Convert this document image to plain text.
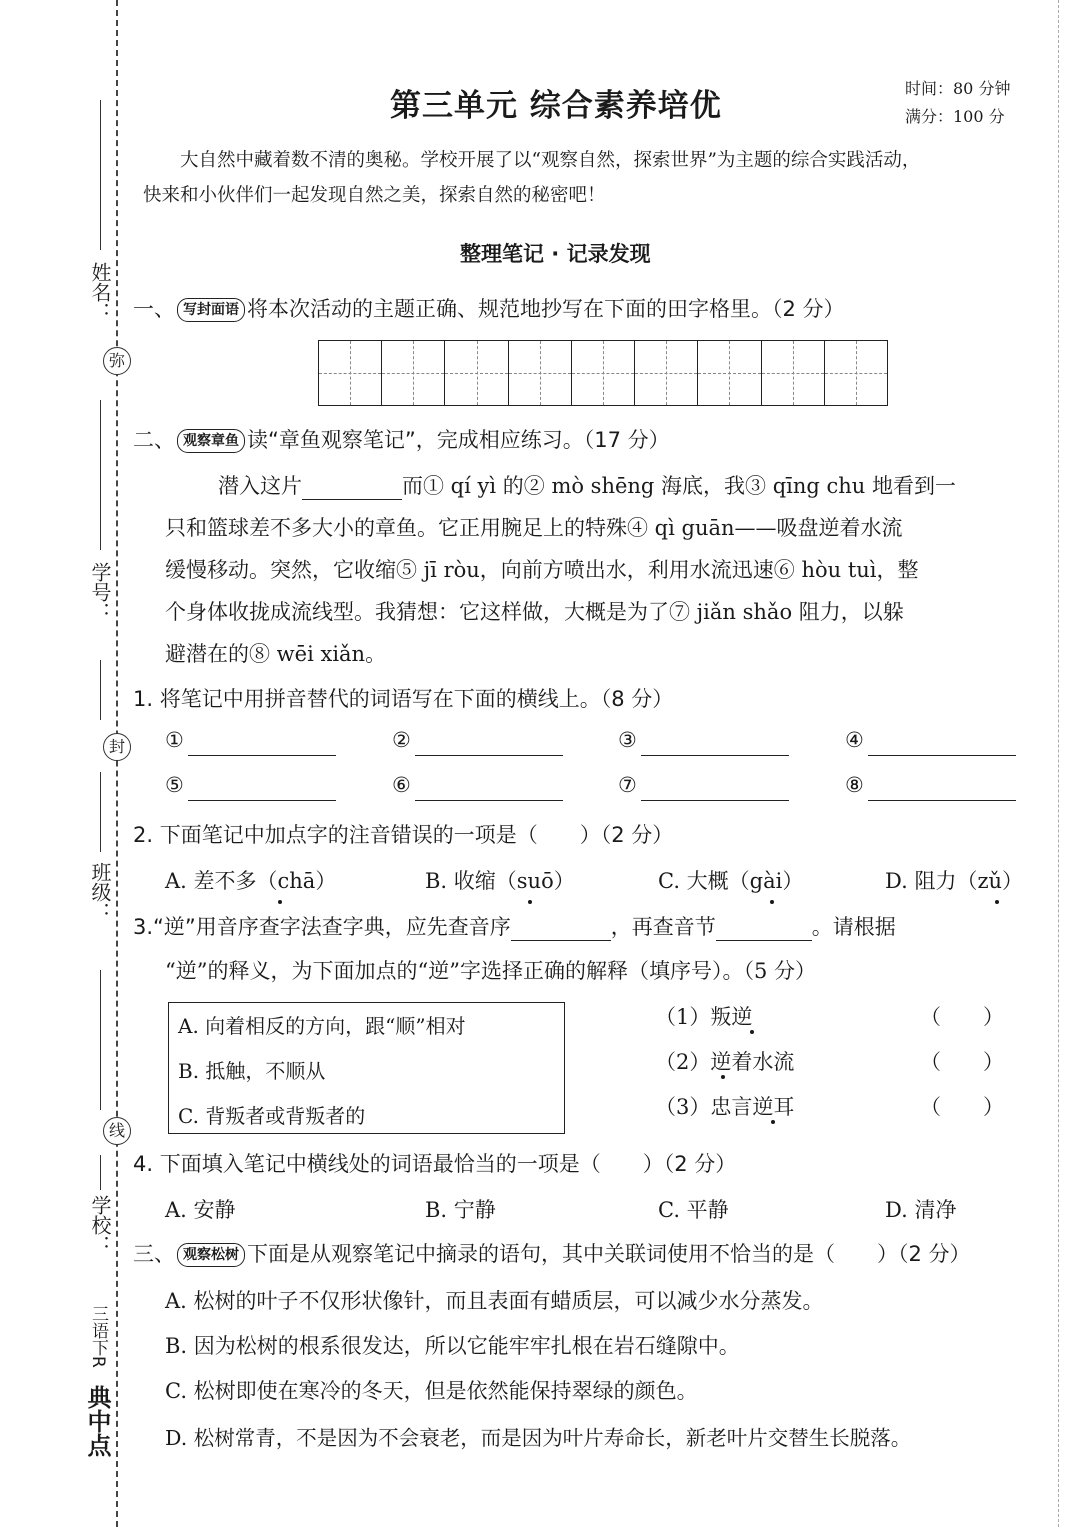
姓名：
弥
学号：
封
班级：
线
学校：
三语下R
典中点
第三单元 综合素养培优	时间：80 分钟
满分：100 分
大自然中藏着数不清的奥秘。学校开展了以“观察自然，探索世界”为主题的综合实践活动，
快来和小伙伴们一起发现自然之美，探索自然的秘密吧！
整理笔记 · 记录发现
一、 写封面语 将本次活动的主题正确、规范地抄写在下面的田字格里。（2 分）
二、 观察章鱼 读“章鱼观察笔记”，完成相应练习。（17 分）
潜入这片	而① qí yì 的② mò shēng 海底，我③ qīng chu 地看到一
只和篮球差不多大小的章鱼。它正用腕足上的特殊④ qì guān——吸盘逆着水流
缓慢移动。突然，它收缩⑤ jī ròu，向前方喷出水，利用水流迅速⑥ hòu tuì，整
个身体收拢成流线型。我猜想：它这样做，大概是为了⑦ jiǎn shǎo 阻力，以躲
避潜在的⑧ wēi xiǎn。
1. 将笔记中用拼音替代的词语写在下面的横线上。（8 分）
①	②	③	④
⑤	⑥	⑦	⑧
2. 下面笔记中加点字的注音错误的一项是（　　）（2 分）
A. 差不多（chā）	B. 收缩（suō）	C. 大概（gài）	D. 阻力（zǔ）
3.“逆”用音序查字法查字典，应先查音序	，再查音节	。请根据
“逆”的释义，为下面加点的“逆”字选择正确的解释（填序号）。（5 分）
A. 向着相反的方向，跟“顺”相对
B. 抵触，不顺从
C. 背叛者或背叛者的
（1）叛逆	（　　）
（2）逆着水流	（　　）
（3）忠言逆耳	（　　）
4. 下面填入笔记中横线处的词语最恰当的一项是（　　）（2 分）
A. 安静	B. 宁静	C. 平静	D. 清净
三、 观察松树 下面是从观察笔记中摘录的语句，其中关联词使用不恰当的是（　　）（2 分）
A. 松树的叶子不仅形状像针，而且表面有蜡质层，可以减少水分蒸发。
B. 因为松树的根系很发达，所以它能牢牢扎根在岩石缝隙中。
C. 松树即使在寒冷的冬天，但是依然能保持翠绿的颜色。
D. 松树常青，不是因为不会衰老，而是因为叶片寿命长，新老叶片交替生长脱落。
